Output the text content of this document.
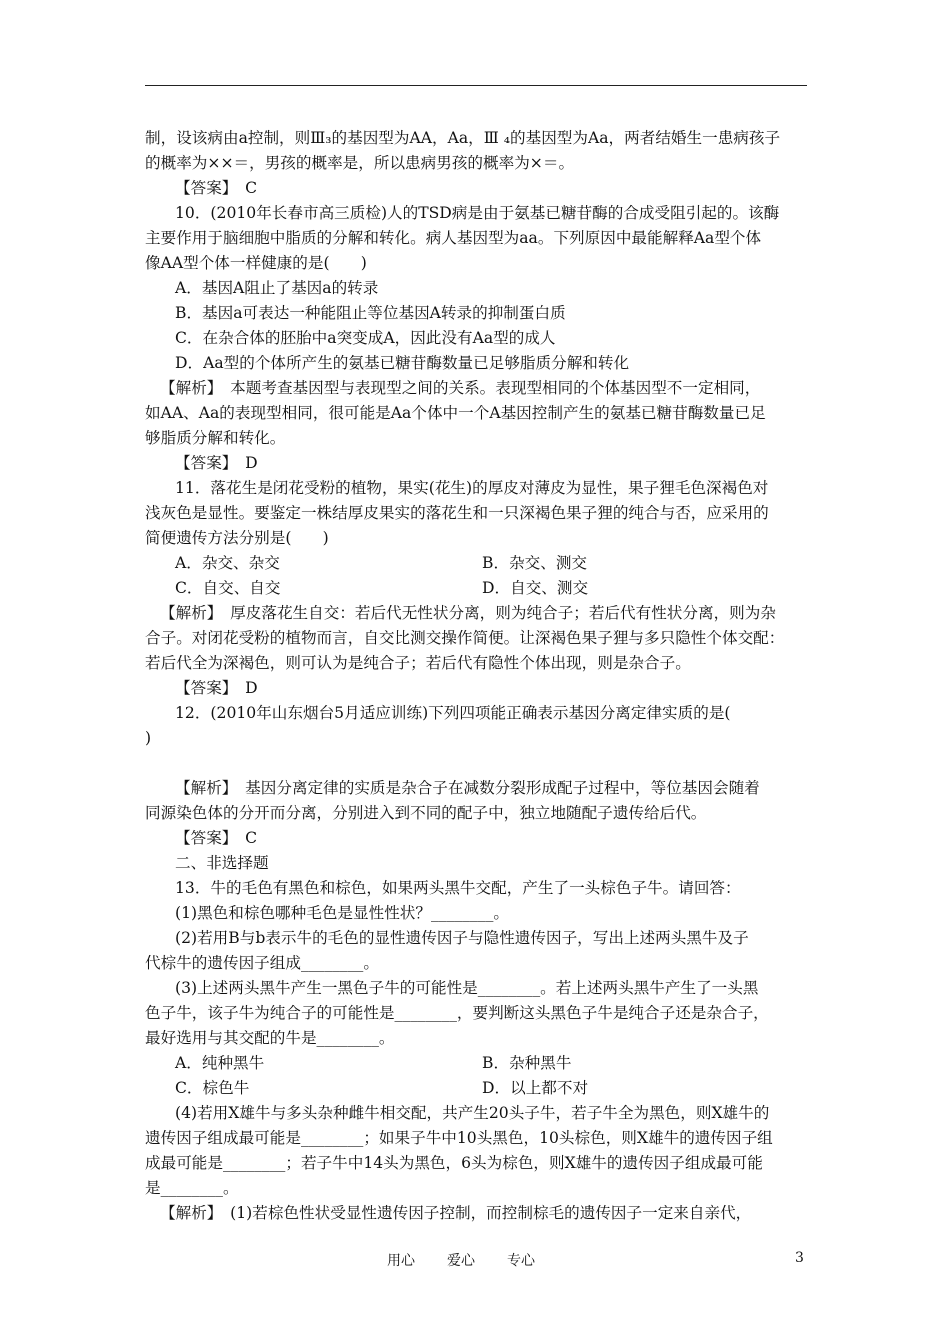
制，设该病由a控制，则Ⅲ₃的基因型为AA，Aa，Ⅲ ₄的基因型为Aa，两者结婚生一患病孩子
的概率为××＝，男孩的概率是，所以患病男孩的概率为×＝。
【答案】　C
10．(2010年长春市高三质检)人的TSD病是由于氨基已糖苷酶的合成受阻引起的。该酶
主要作用于脑细胞中脂质的分解和转化。病人基因型为aa。下列原因中最能解释Aa型个体
像AA型个体一样健康的是(　　)
A．基因A阻止了基因a的转录
B．基因a可表达一种能阻止等位基因A转录的抑制蛋白质
C．在杂合体的胚胎中a突变成A，因此没有Aa型的成人
D．Aa型的个体所产生的氨基已糖苷酶数量已足够脂质分解和转化
【解析】　本题考查基因型与表现型之间的关系。表现型相同的个体基因型不一定相同，
如AA、Aa的表现型相同，很可能是Aa个体中一个A基因控制产生的氨基已糖苷酶数量已足
够脂质分解和转化。
【答案】　D
11．落花生是闭花受粉的植物，果实(花生)的厚皮对薄皮为显性，果子狸毛色深褐色对
浅灰色是显性。要鉴定一株结厚皮果实的落花生和一只深褐色果子狸的纯合与否，应采用的
简便遗传方法分别是(　　)
A．杂交、杂交	B．杂交、测交
C．自交、自交	D．自交、测交
【解析】　厚皮落花生自交：若后代无性状分离，则为纯合子；若后代有性状分离，则为杂
合子。对闭花受粉的植物而言，自交比测交操作简便。让深褐色果子狸与多只隐性个体交配：
若后代全为深褐色，则可认为是纯合子；若后代有隐性个体出现，则是杂合子。
【答案】　D
12．(2010年山东烟台5月适应训练)下列四项能正确表示基因分离定律实质的是(
)
【解析】　基因分离定律的实质是杂合子在减数分裂形成配子过程中，等位基因会随着
同源染色体的分开而分离，分别进入到不同的配子中，独立地随配子遗传给后代。
【答案】　C
二、非选择题
13．牛的毛色有黑色和棕色，如果两头黑牛交配，产生了一头棕色子牛。请回答：
(1)黑色和棕色哪种毛色是显性性状？________。
(2)若用B与b表示牛的毛色的显性遗传因子与隐性遗传因子，写出上述两头黑牛及子
代棕牛的遗传因子组成________。
(3)上述两头黑牛产生一黑色子牛的可能性是________。若上述两头黑牛产生了一头黑
色子牛，该子牛为纯合子的可能性是________，要判断这头黑色子牛是纯合子还是杂合子，
最好选用与其交配的牛是________。
A．纯种黑牛	B．杂种黑牛
C．棕色牛	D．以上都不对
(4)若用X雄牛与多头杂种雌牛相交配，共产生20头子牛，若子牛全为黑色，则X雄牛的
遗传因子组成最可能是________；如果子牛中10头黑色，10头棕色，则X雄牛的遗传因子组
成最可能是________；若子牛中14头为黑色，6头为棕色，则X雄牛的遗传因子组成最可能
是________。
【解析】　(1)若棕色性状受显性遗传因子控制，而控制棕毛的遗传因子一定来自亲代，
用心 爱心 专心	3
